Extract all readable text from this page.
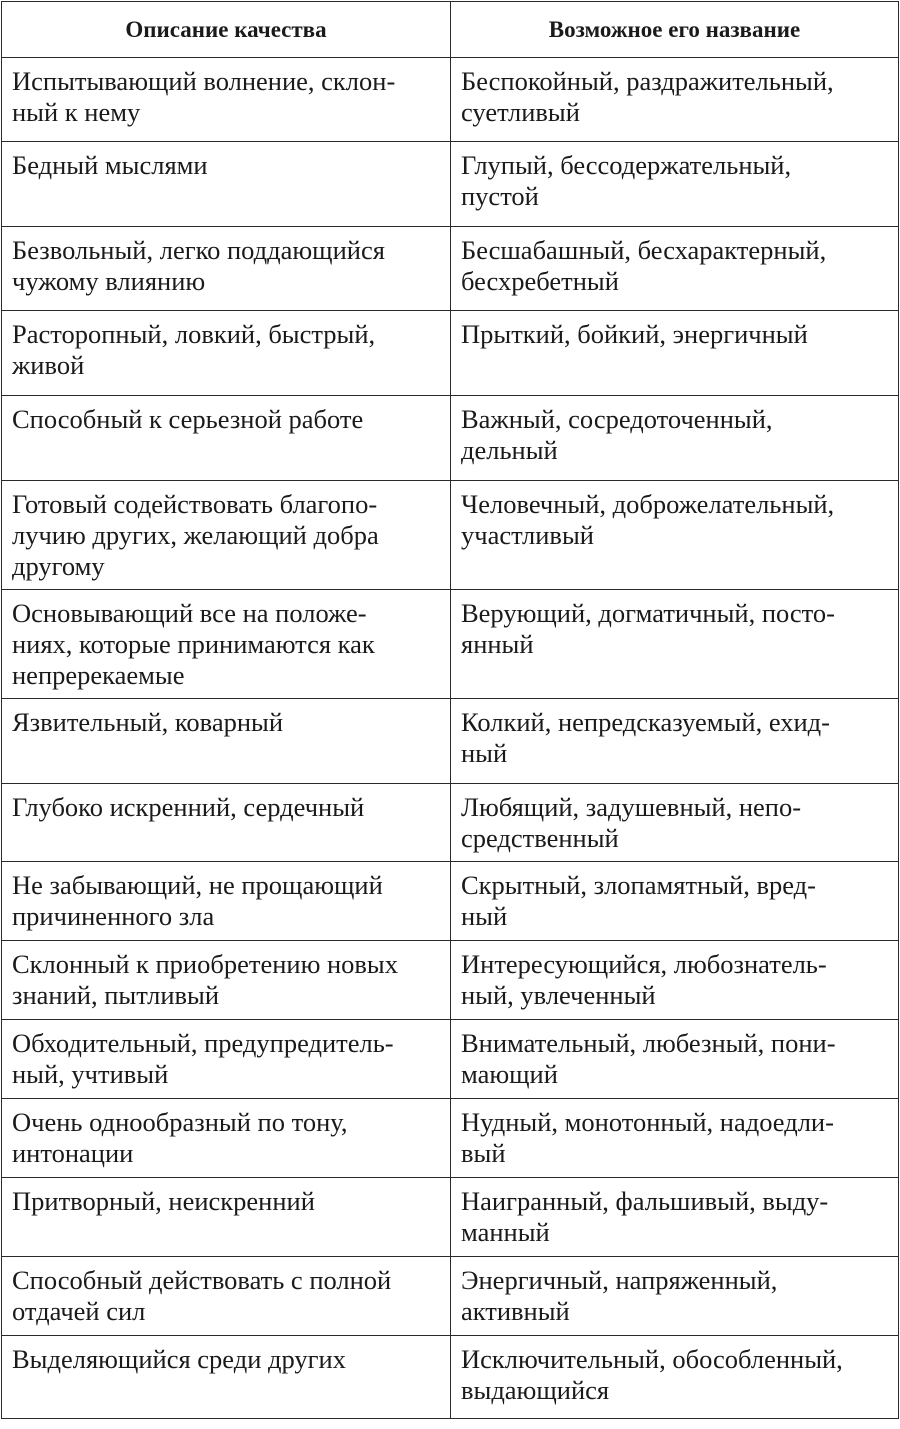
Описание качества	Возможное его название

Испытывающий волнение, склон-
ный к нему	Беспокойный, раздражительный,
суетливый

Бедный мыслями	Глупый, бессодержательный,
пустой

Безвольный, легко поддающийся
чужому влиянию	Бесшабашный, бесхарактерный,
бесхребетный

Расторопный, ловкий, быстрый,
живой	Прыткий, бойкий, энергичный

Способный к серьезной работе	Важный, сосредоточенный,
дельный

Готовый содействовать благопо-
лучию других, желающий добра
другому	Человечный, доброжелательный,
участливый

Основывающий все на положе-
ниях, которые принимаются как
непререкаемые	Верующий, догматичный, посто-
янный

Язвительный, коварный	Колкий, непредсказуемый, ехид-
ный

Глубоко искренний, сердечный	Любящий, задушевный, непо-
средственный

Не забывающий, не прощающий
причиненного зла	Скрытный, злопамятный, вред-
ный

Склонный к приобретению новых
знаний, пытливый	Интересующийся, любознатель-
ный, увлеченный

Обходительный, предупредитель-
ный, учтивый	Внимательный, любезный, пони-
мающий

Очень однообразный по тону,
интонации	Нудный, монотонный, надоедли-
вый

Притворный, неискренний	Наигранный, фальшивый, выду-
манный

Способный действовать с полной
отдачей сил	Энергичный, напряженный,
активный

Выделяющийся среди других	Исключительный, обособленный,
выдающийся
